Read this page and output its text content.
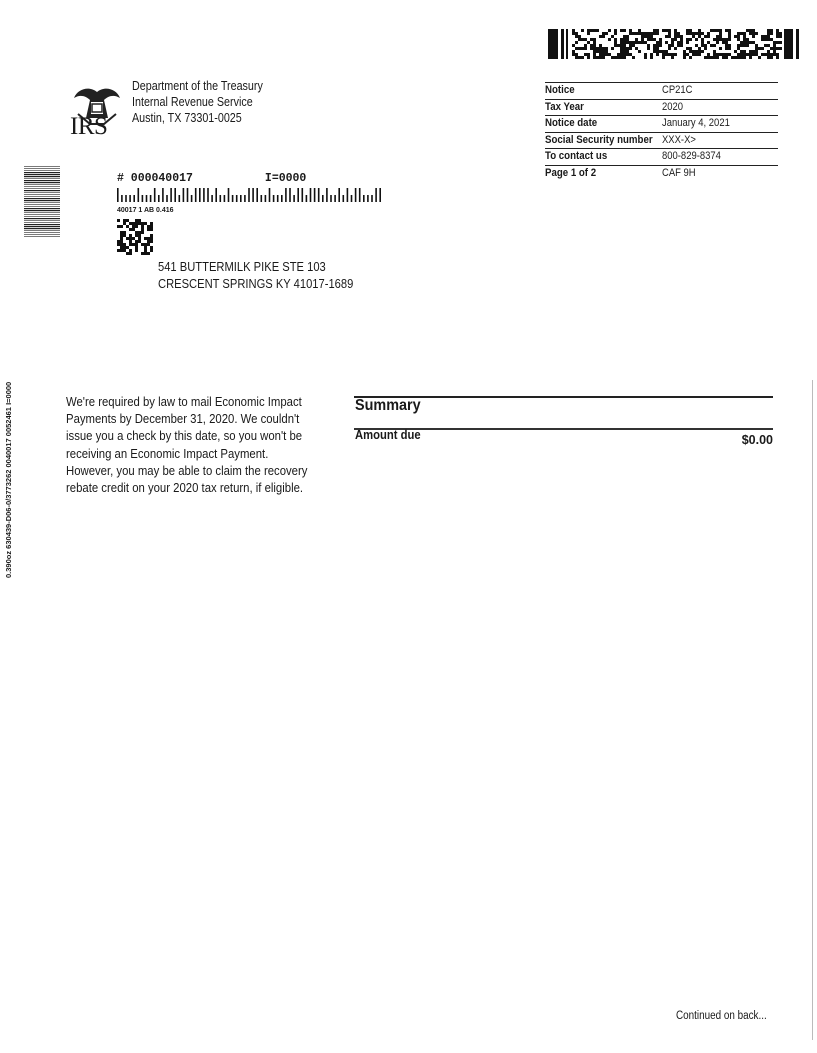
IRS
Department of the Treasury
Internal Revenue Service
Austin, TX 73301-0025
Notice	CP21C
Tax Year	2020
Notice date	January 4, 2021
Social Security number XXX-X>
To contact us	800-829-8374
Page 1 of 2	CAF 9H
# 000040017	I=0000
40017 1 AB 0.416
541 BUTTERMILK PIKE STE 103
CRESCENT SPRINGS KY 41017-1689
0.390oz 630439-D06-0/3773262 0040017 0052461 I=0000	We're required by law to mail Economic Impact Payments by December 31, 2020. We couldn't issue you a check by this date, so you won't be receiving an Economic Impact Payment. However, you may be able to claim the recovery rebate credit on your 2020 tax return, if eligible.
Summary
Amount due	$0.00
Continued on back...
